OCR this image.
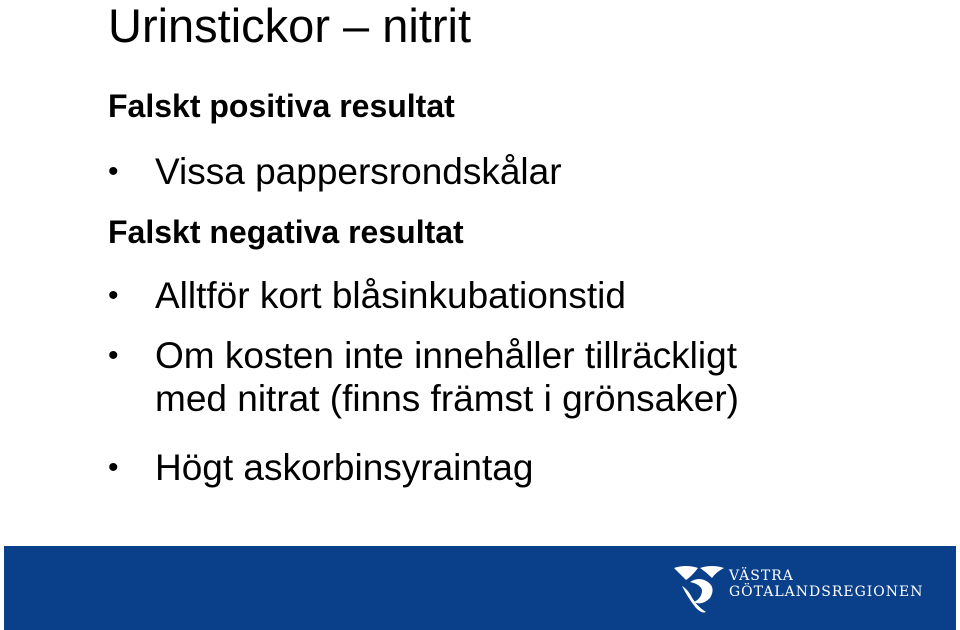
Urinstickor – nitrit
Falskt positiva resultat
• Vissa pappersrondskålar
Falskt negativa resultat
• Alltför kort blåsinkubationstid
• Om kosten inte innehåller tillräckligt
med nitrat (finns främst i grönsaker)
• Högt askorbinsyraintag
VÄSTRA
GÖTALANDSREGIONEN
